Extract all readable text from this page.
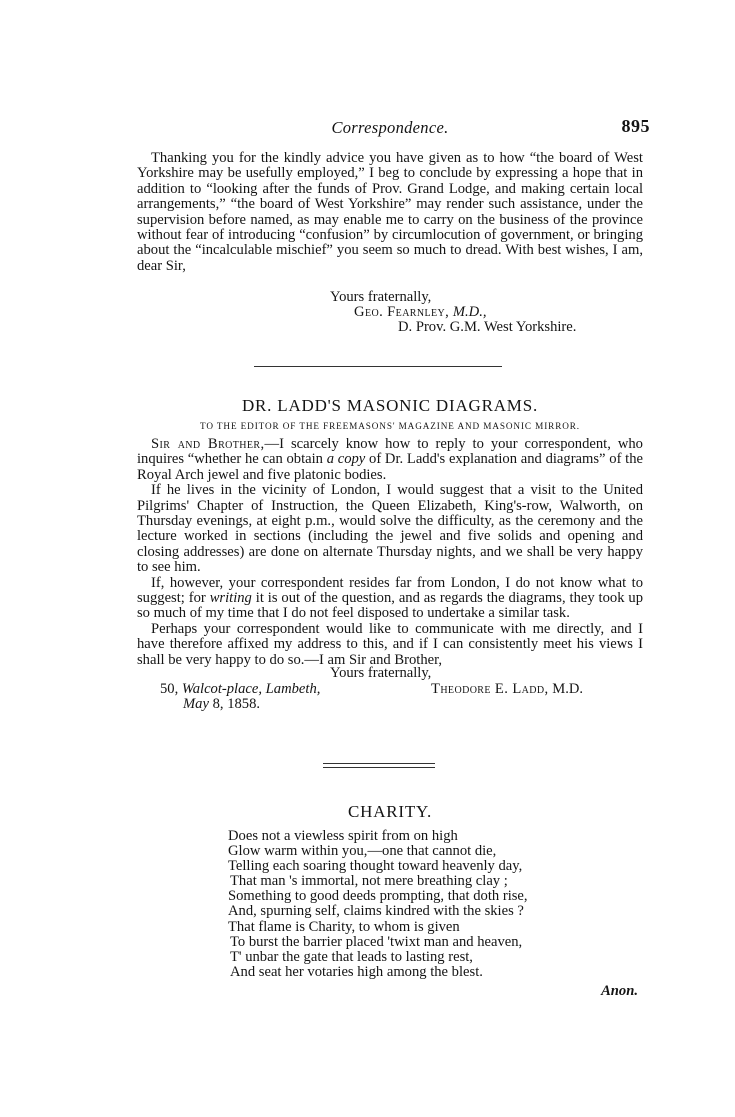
Correspondence.	895

Thanking you for the kindly advice you have given as to how “the board of West Yorkshire may be usefully employed,” I beg to conclude by expressing a hope that in addition to “looking after the funds of Prov. Grand Lodge, and making certain local arrangements,” “the board of West Yorkshire” may render such assistance, under the supervision before named, as may enable me to carry on the business of the province without fear of introducing “confusion” by circumlocution of government, or bringing about the “incalculable mischief” you seem so much to dread. With best wishes, I am, dear Sir,

Yours fraternally,
Geo. Fearnley, M.D.,
D. Prov. G.M. West Yorkshire.
DR. LADD'S MASONIC DIAGRAMS.
TO THE EDITOR OF THE FREEMASONS' MAGAZINE AND MASONIC MIRROR.

Sir and Brother,—I scarcely know how to reply to your correspondent, who inquires “whether he can obtain a copy of Dr. Ladd's explanation and diagrams” of the Royal Arch jewel and five platonic bodies.

If he lives in the vicinity of London, I would suggest that a visit to the United Pilgrims' Chapter of Instruction, the Queen Elizabeth, King's-row, Walworth, on Thursday evenings, at eight p.m., would solve the difficulty, as the ceremony and the lecture worked in sections (including the jewel and five solids and opening and closing addresses) are done on alternate Thursday nights, and we shall be very happy to see him.

If, however, your correspondent resides far from London, I do not know what to suggest; for writing it is out of the question, and as regards the diagrams, they took up so much of my time that I do not feel disposed to undertake a similar task.

Perhaps your correspondent would like to communicate with me directly, and I have therefore affixed my address to this, and if I can consistently meet his views I shall be very happy to do so.—I am Sir and Brother,

Yours fraternally,
50, Walcot-place, Lambeth,	Theodore E. Ladd, M.D.
May 8, 1858.
CHARITY.
Does not a viewless spirit from on high
Glow warm within you,—one that cannot die,
Telling each soaring thought toward heavenly day,
That man 's immortal, not mere breathing clay ;
Something to good deeds prompting, that doth rise,
And, spurning self, claims kindred with the skies ?
That flame is Charity, to whom is given
To burst the barrier placed 'twixt man and heaven,
T' unbar the gate that leads to lasting rest,
And seat her votaries high among the blest.
Anon.
